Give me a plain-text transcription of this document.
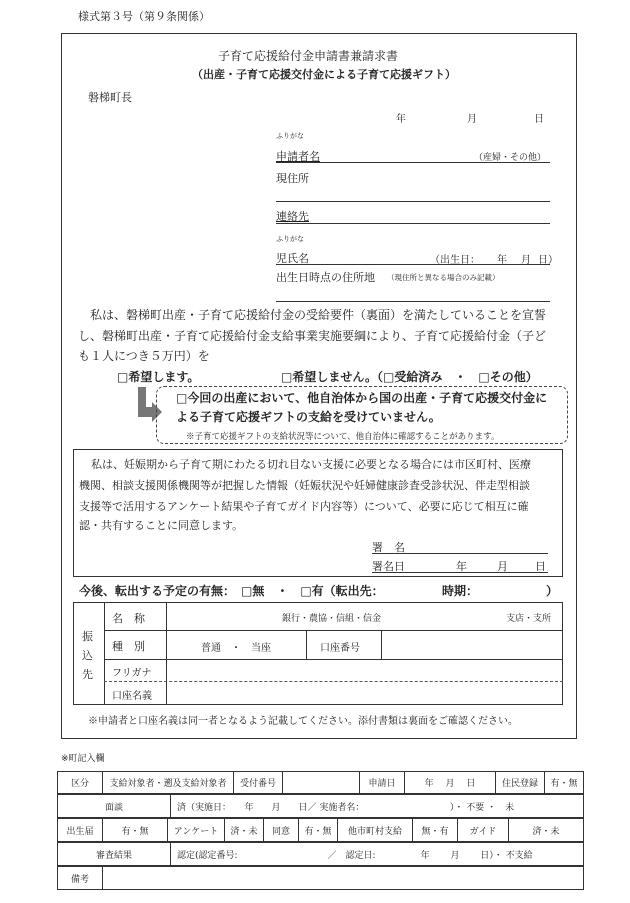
様式第３号（第９条関係）
子育て応援給付金申請書兼請求書
（出産・子育て応援交付金による子育て応援ギフト）
磐梯町長
年	月	日
ふりがな
申請者名	（産婦・その他）
現住所
連絡先
ふりがな
児氏名	（出生日： 年 月 日）
出生日時点の住所地 （現住所と異なる場合のみ記載）
私は、磐梯町出産・子育て応援給付金の受給要件（裏面）を満たしていることを宣誓
し、磐梯町出産・子育て応援給付金支給事業実施要綱により、子育て応援給付金（子ど
も１人につき５万円）を
□希望します。	□希望しません。（□受給済み　・　□その他）
□今回の出産において、他自治体から国の出産・子育て応援交付金に
よる子育て応援ギフトの支給を受けていません。
※子育て応援ギフトの支給状況等について、他自治体に確認することがあります。
私は、妊娠期から子育て期にわたる切れ目ない支援に必要となる場合には市区町村、医療
機関、相談支援関係機関等が把握した情報（妊娠状況や妊婦健康診査受診状況、伴走型相談
支援等で活用するアンケート結果や子育てガイド内容等）について、必要に応じて相互に確
認・共有することに同意します。
署　名
署名日	年	月 日
今後、転出する予定の有無：　□無　・　□有（転出先：	時期：	）
振
込
先
名　称	銀行・農協・信組・信金	支店・支所
種　別	普通　・　当座	口座番号
フリガナ
口座名義
※申請者と口座名義は同一者となるよう記載してください。添付書類は裏面をご確認ください。
※町記入欄
区分	支給対象者・遡及支給対象者	受付番号		申請日	年　 月　 日	住民登録	有・無
面談	済（実施日：　　年　　月　　日／ 実施者名：　　　　　　　　　　）・ 不要 ・　未
出生届	有・無	アンケート	済・未	同意	有・無	他市町村支給	無・有	ガイド	済・未
審査結果	認定(認定番号:　　　　　　　　　　／　認定日:　　　　　年　　 月　　 日）・ 不支給
備考	
